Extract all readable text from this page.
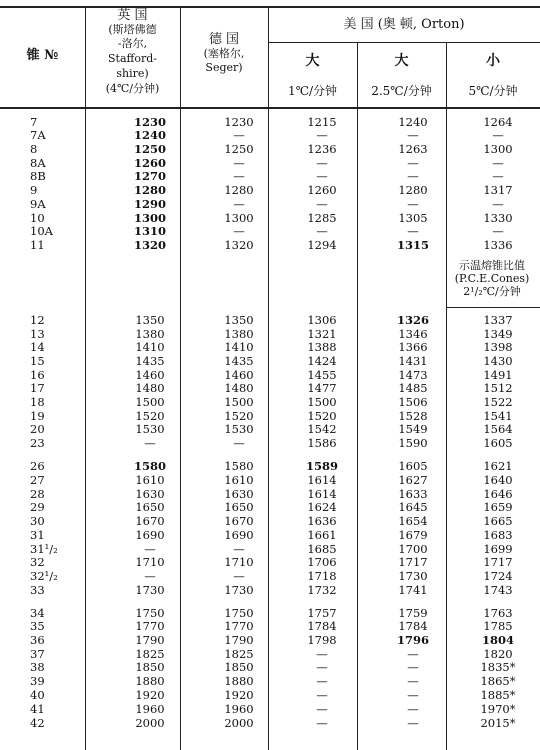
锥 №
英 国
(斯塔佛德
-洛尔,
Stafford-
shire)
(4℃/分钟)
德 国
(塞格尔,
Seger)
美 国 (奥 顿, Orton)
大	大	小
1℃/分钟	2.5℃/分钟	5℃/分钟
示温熔锥比值
(P.C.E.Cones)
2¹/₂℃/分钟
7	1230	1230	1215	1240	1264
7A	1240	—	—	—	—
8	1250	1250	1236	1263	1300
8A	1260	—	—	—	—
8B	1270	—	—	—	—
9	1280	1280	1260	1280	1317
9A	1290	—	—	—	—
10	1300	1300	1285	1305	1330
10A	1310	—	—	—	—
11	1320	1320	1294	1315	1336
12	1350	1350	1306	1326	1337
13	1380	1380	1321	1346	1349
14	1410	1410	1388	1366	1398
15	1435	1435	1424	1431	1430
16	1460	1460	1455	1473	1491
17	1480	1480	1477	1485	1512
18	1500	1500	1500	1506	1522
19	1520	1520	1520	1528	1541
20	1530	1530	1542	1549	1564
23	—	—	1586	1590	1605
26	1580	1580	1589	1605	1621
27	1610	1610	1614	1627	1640
28	1630	1630	1614	1633	1646
29	1650	1650	1624	1645	1659
30	1670	1670	1636	1654	1665
31	1690	1690	1661	1679	1683
31¹/₂	—	—	1685	1700	1699
32	1710	1710	1706	1717	1717
32¹/₂	—	—	1718	1730	1724
33	1730	1730	1732	1741	1743
34	1750	1750	1757	1759	1763
35	1770	1770	1784	1784	1785
36	1790	1790	1798	1796	1804
37	1825	1825	—	—	1820
38	1850	1850	—	—	1835*
39	1880	1880	—	—	1865*
40	1920	1920	—	—	1885*
41	1960	1960	—	—	1970*
42	2000	2000	—	—	2015*
